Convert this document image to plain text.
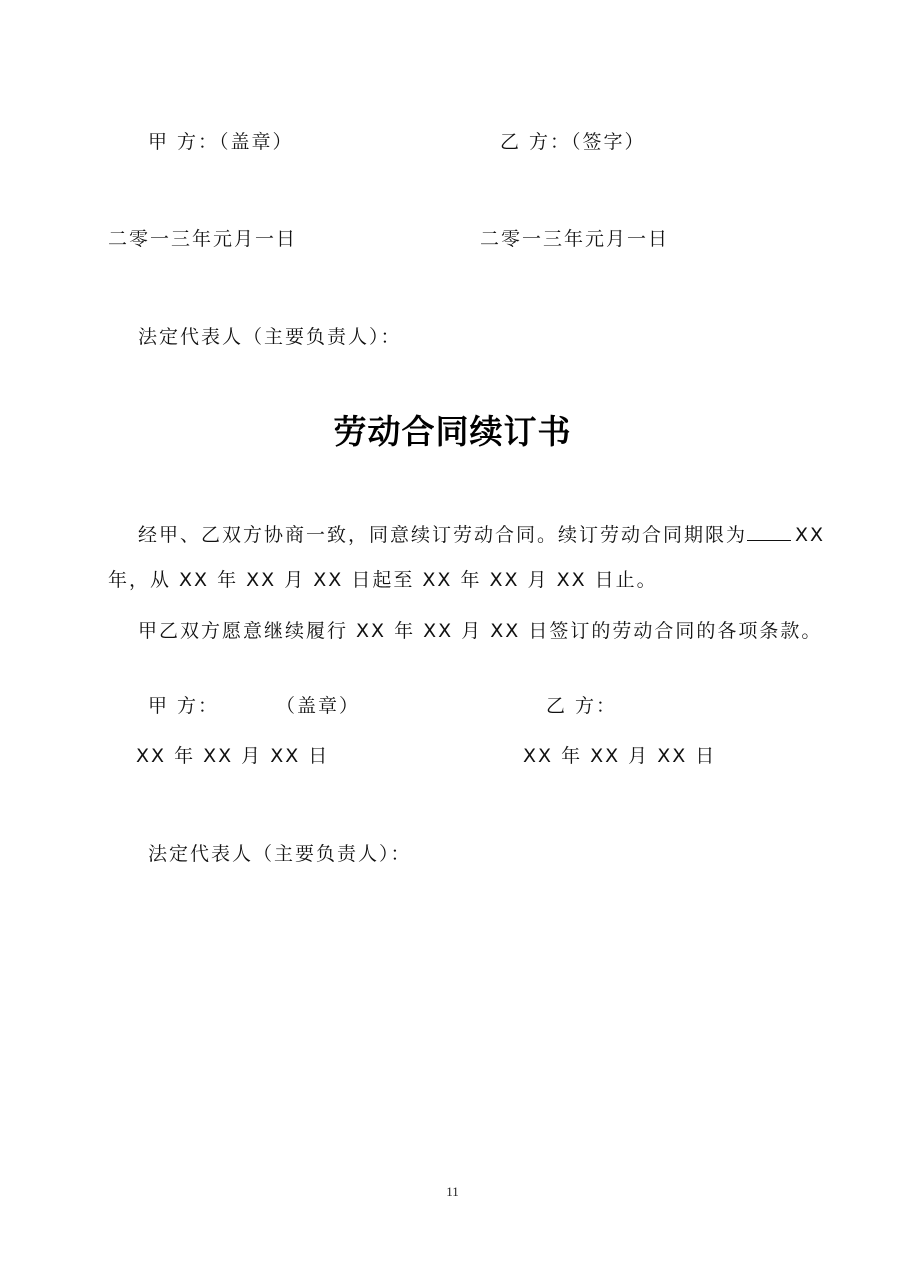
甲 方：（盖章）	乙 方：（签字）
二零一三年元月一日	二零一三年元月一日
法定代表人（主要负责人）：
劳动合同续订书
经甲、乙双方协商一致，同意续订劳动合同。续订劳动合同期限为	XX
年，从 XX 年 XX 月 XX 日起至 XX 年 XX 月 XX 日止。
甲乙双方愿意继续履行 XX 年 XX 月 XX 日签订的劳动合同的各项条款。
甲 方：	（盖章）	乙 方：
XX 年 XX 月 XX 日	XX 年 XX 月 XX 日
法定代表人（主要负责人）：
11
